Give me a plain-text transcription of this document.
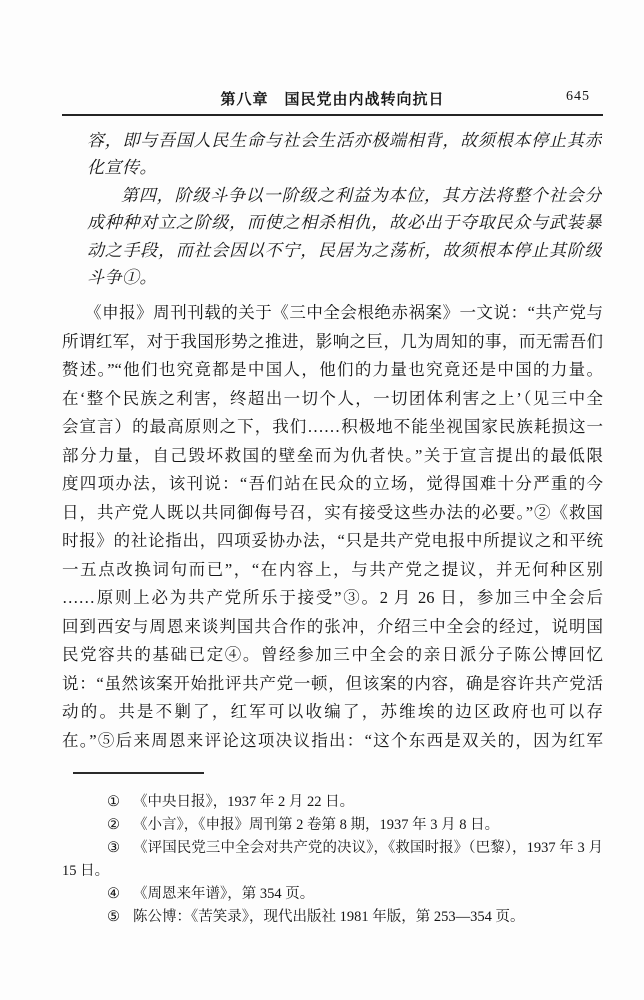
第八章　国民党由内战转向抗日	645
容，即与吾国人民生命与社会生活亦极端相背，故须根本停止其赤
化宣传。
第四，阶级斗争以一阶级之利益为本位，其方法将整个社会分
成种种对立之阶级，而使之相杀相仇，故必出于夺取民众与武装暴
动之手段，而社会因以不宁，民居为之荡析，故须根本停止其阶级
斗争①。
《申报》周刊刊载的关于《三中全会根绝赤祸案》一文说：“共产党与
所谓红军，对于我国形势之推进，影响之巨，几为周知的事，而无需吾们
赘述。”“他们也究竟都是中国人，他们的力量也究竟还是中国的力量。
在‘整个民族之利害，终超出一切个人，一切团体利害之上’（见三中全
会宣言）的最高原则之下，我们……积极地不能坐视国家民族耗损这一
部分力量，自己毁坏救国的壁垒而为仇者快。”关于宣言提出的最低限
度四项办法，该刊说：“吾们站在民众的立场，觉得国难十分严重的今
日，共产党人既以共同御侮号召，实有接受这些办法的必要。”②《救国
时报》的社论指出，四项妥协办法，“只是共产党电报中所提议之和平统
一五点改换词句而已”，“在内容上，与共产党之提议，并无何种区别
……原则上必为共产党所乐于接受”③。2 月 26 日，参加三中全会后
回到西安与周恩来谈判国共合作的张冲，介绍三中全会的经过，说明国
民党容共的基础已定④。曾经参加三中全会的亲日派分子陈公博回忆
说：“虽然该案开始批评共产党一顿，但该案的内容，确是容许共产党活
动的。共是不剿了，红军可以收编了，苏维埃的边区政府也可以存
在。”⑤后来周恩来评论这项决议指出：“这个东西是双关的，因为红军
① 《中央日报》，1937 年 2 月 22 日。
② 《小言》，《申报》周刊第 2 卷第 8 期，1937 年 3 月 8 日。
③ 《评国民党三中全会对共产党的决议》，《救国时报》（巴黎），1937 年 3 月
15 日。
④ 《周恩来年谱》，第 354 页。
⑤ 陈公博：《苦笑录》，现代出版社 1981 年版，第 253—354 页。
